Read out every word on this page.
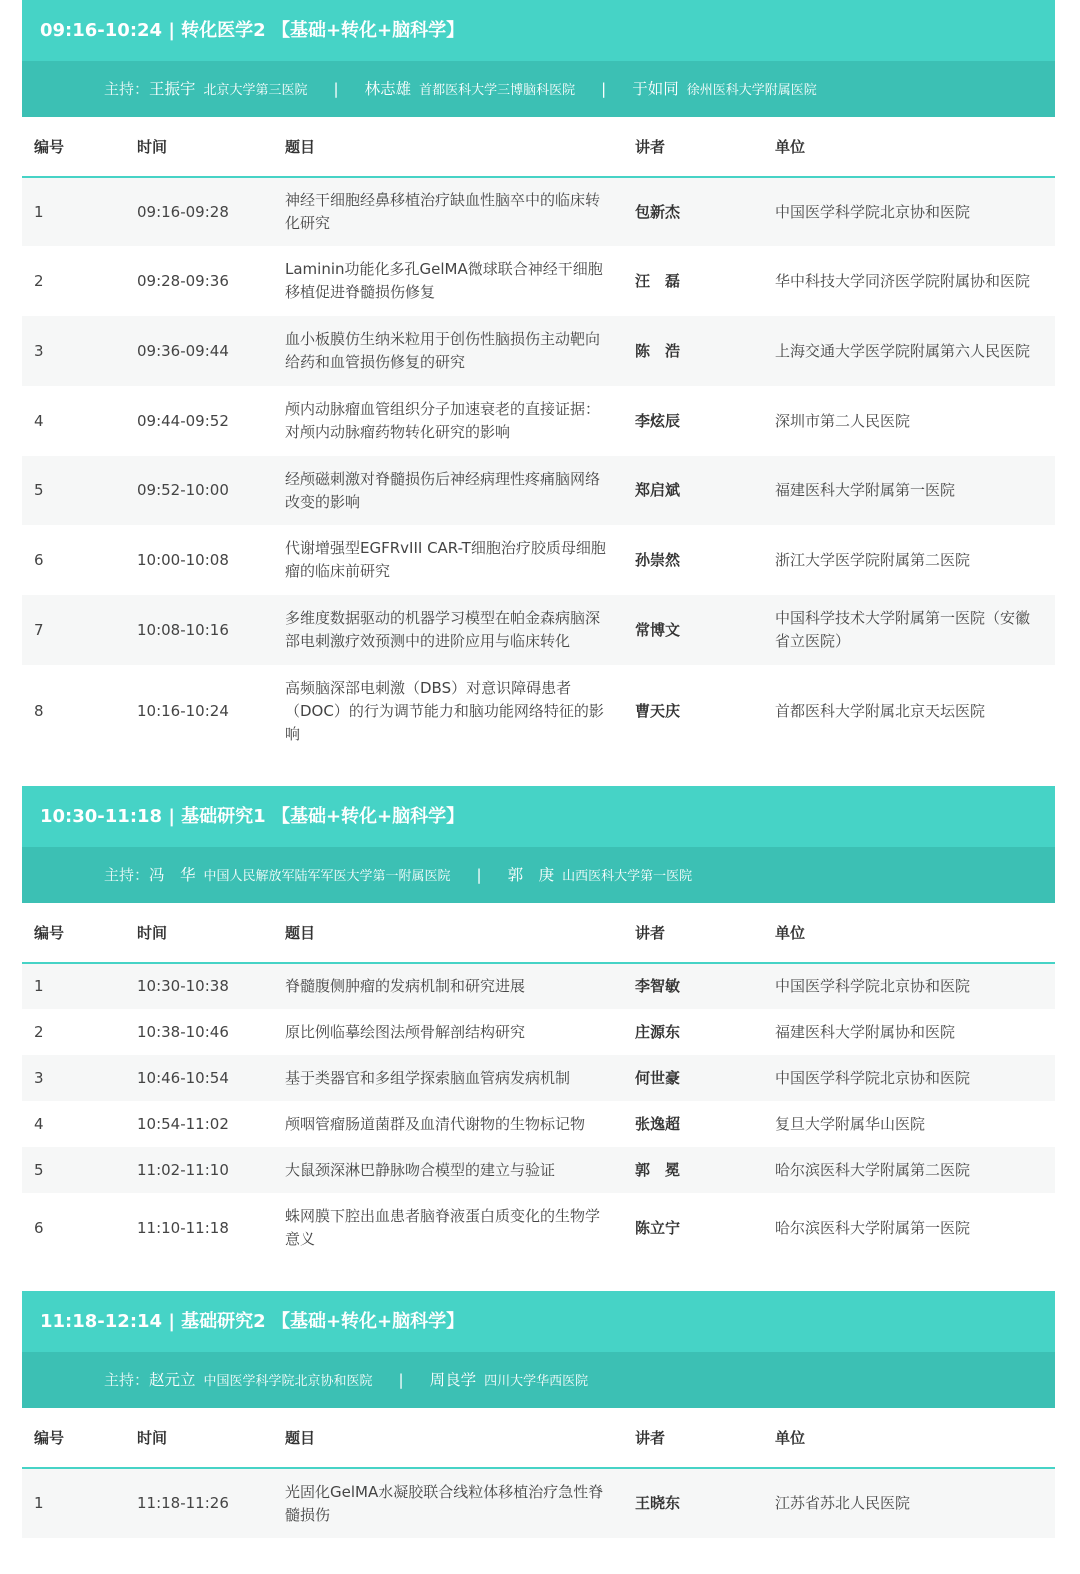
09:16-10:24 | 转化医学2 【基础+转化+脑科学】
主持：王振宇 北京大学第三医院 | 林志雄 首都医科大学三博脑科医院 | 于如同 徐州医科大学附属医院
编号	时间	题目	讲者	单位
1	09:16-09:28	神经干细胞经鼻移植治疗缺血性脑卒中的临床转化研究	包新杰	中国医学科学院北京协和医院
2	09:28-09:36	Laminin功能化多孔GelMA微球联合神经干细胞移植促进脊髓损伤修复	汪　磊	华中科技大学同济医学院附属协和医院
3	09:36-09:44	血小板膜仿生纳米粒用于创伤性脑损伤主动靶向给药和血管损伤修复的研究	陈　浩	上海交通大学医学院附属第六人民医院
4	09:44-09:52	颅内动脉瘤血管组织分子加速衰老的直接证据：对颅内动脉瘤药物转化研究的影响	李炫辰	深圳市第二人民医院
5	09:52-10:00	经颅磁刺激对脊髓损伤后神经病理性疼痛脑网络改变的影响	郑启斌	福建医科大学附属第一医院
6	10:00-10:08	代谢增强型EGFRvIII CAR-T细胞治疗胶质母细胞瘤的临床前研究	孙崇然	浙江大学医学院附属第二医院
7	10:08-10:16	多维度数据驱动的机器学习模型在帕金森病脑深部电刺激疗效预测中的进阶应用与临床转化	常博文	中国科学技术大学附属第一医院（安徽省立医院）
8	10:16-10:24	高频脑深部电刺激（DBS）对意识障碍患者（DOC）的行为调节能力和脑功能网络特征的影响	曹天庆	首都医科大学附属北京天坛医院
10:30-11:18 | 基础研究1 【基础+转化+脑科学】
主持：冯　华 中国人民解放军陆军军医大学第一附属医院 | 郭　庚 山西医科大学第一医院
编号	时间	题目	讲者	单位
1	10:30-10:38	脊髓腹侧肿瘤的发病机制和研究进展	李智敏	中国医学科学院北京协和医院
2	10:38-10:46	原比例临摹绘图法颅骨解剖结构研究	庄源东	福建医科大学附属协和医院
3	10:46-10:54	基于类器官和多组学探索脑血管病发病机制	何世豪	中国医学科学院北京协和医院
4	10:54-11:02	颅咽管瘤肠道菌群及血清代谢物的生物标记物	张逸超	复旦大学附属华山医院
5	11:02-11:10	大鼠颈深淋巴静脉吻合模型的建立与验证	郭　冕	哈尔滨医科大学附属第二医院
6	11:10-11:18	蛛网膜下腔出血患者脑脊液蛋白质变化的生物学意义	陈立宁	哈尔滨医科大学附属第一医院
11:18-12:14 | 基础研究2 【基础+转化+脑科学】
主持：赵元立 中国医学科学院北京协和医院 | 周良学 四川大学华西医院
编号	时间	题目	讲者	单位
1	11:18-11:26	光固化GelMA水凝胶联合线粒体移植治疗急性脊髓损伤	王晓东	江苏省苏北人民医院
